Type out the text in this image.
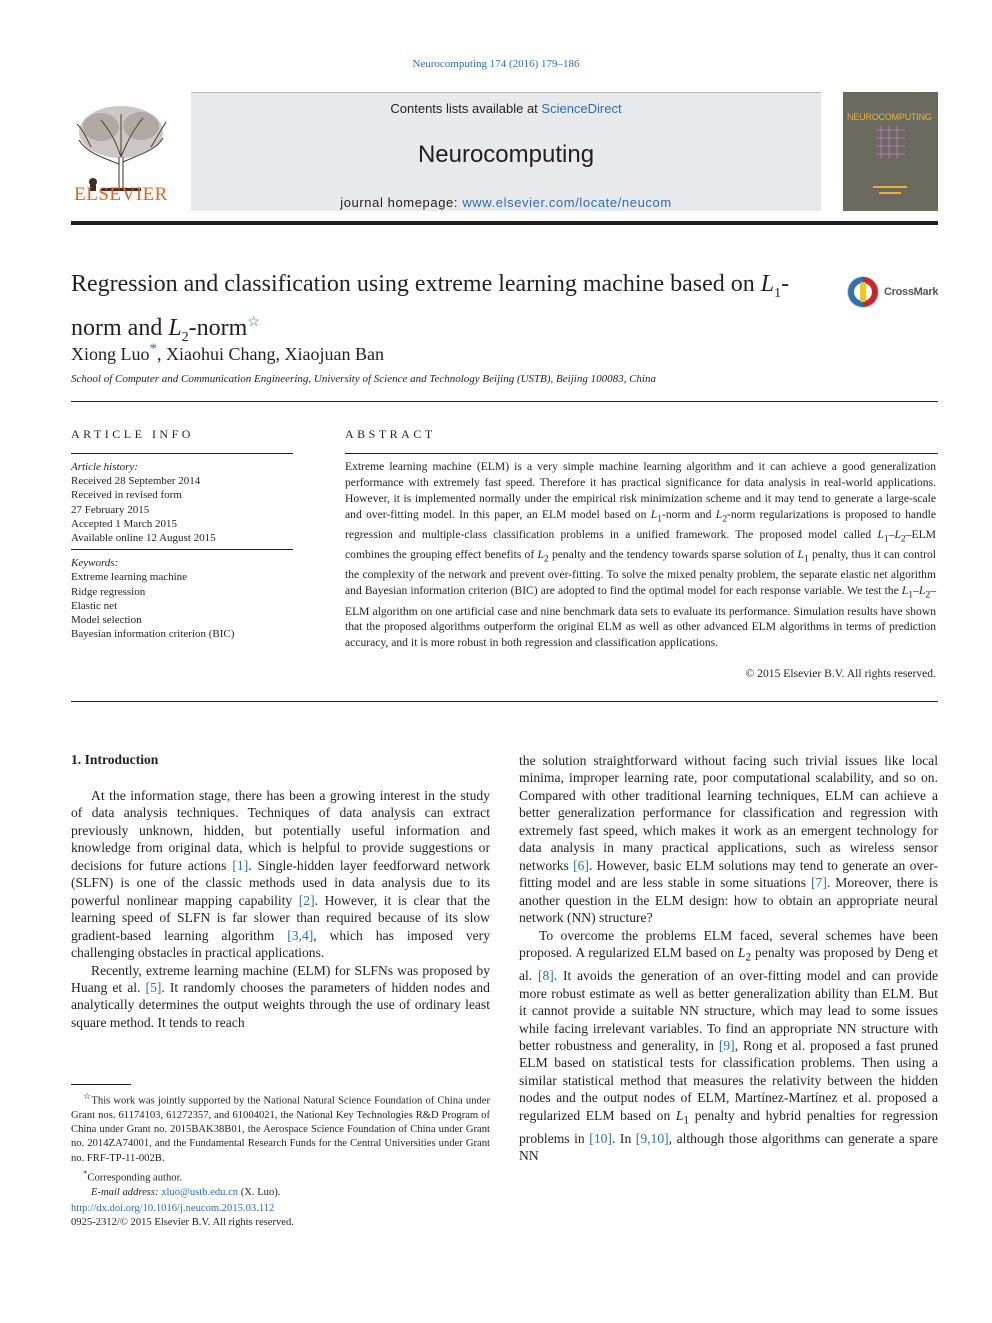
Neurocomputing 174 (2016) 179–186
ELSEVIER
Contents lists available at ScienceDirect
Neurocomputing
journal homepage: www.elsevier.com/locate/neucom
NEUROCOMPUTING
Regression and classification using extreme learning machine based on $L_1$-norm and $L_2-norm^☆$
CrossMark
Xiong Luo*, Xiaohui Chang, Xiaojuan Ban
School of Computer and Communication Engineering, University of Science and Technology Beijing (USTB), Beijing 100083, China
ARTICLE INFO
Article history:
Received 28 September 2014
Received in revised form
27 February 2015
Accepted 1 March 2015
Available online 12 August 2015
Keywords:
Extreme learning machine
Ridge regression
Elastic net
Model selection
Bayesian information criterion (BIC)
ABSTRACT
Extreme learning machine (ELM) is a very simple machine learning algorithm and it can achieve a good generalization performance with extremely fast speed. Therefore it has practical significance for data analysis in real-world applications. However, it is implemented normally under the empirical risk minimization scheme and it may tend to generate a large-scale and over-fitting model. In this paper, an ELM model based on $L_1$-norm and $L_2$-norm regularizations is proposed to handle regression and multiple-class classification problems in a unified framework. The proposed model called $L_1-L_2$–ELM combines the grouping effect benefits of $L_2$ penalty and the tendency towards sparse solution of $L_1$ penalty, thus it can control the complexity of the network and prevent over-fitting. To solve the mixed penalty problem, the separate elastic net algorithm and Bayesian information criterion (BIC) are adopted to find the optimal model for each response variable. We test the $L_1-L_2$–ELM algorithm on one artificial case and nine benchmark data sets to evaluate its performance. Simulation results have shown that the proposed algorithms outperform the original ELM as well as other advanced ELM algorithms in terms of prediction accuracy, and it is more robust in both regression and classification applications.
© 2015 Elsevier B.V. All rights reserved.
1. Introduction

At the information stage, there has been a growing interest in the study of data analysis techniques. Techniques of data analysis can extract previously unknown, hidden, but potentially useful information and knowledge from original data, which is helpful to provide suggestions or decisions for future actions [1]. Single-hidden layer feedforward network (SLFN) is one of the classic methods used in data analysis due to its powerful nonlinear mapping capability [2]. However, it is clear that the learning speed of SLFN is far slower than required because of its slow gradient-based learning algorithm [3,4], which has imposed very challenging obstacles in practical applications.

Recently, extreme learning machine (ELM) for SLFNs was proposed by Huang et al. [5]. It randomly chooses the parameters of hidden nodes and analytically determines the output weights through the use of ordinary least square method. It tends to reach

the solution straightforward without facing such trivial issues like local minima, improper learning rate, poor computational scalability, and so on. Compared with other traditional learning techniques, ELM can achieve a better generalization performance for classification and regression with extremely fast speed, which makes it work as an emergent technology for data analysis in many practical applications, such as wireless sensor networks [6]. However, basic ELM solutions may tend to generate an over-fitting model and are less stable in some situations [7]. Moreover, there is another question in the ELM design: how to obtain an appropriate neural network (NN) structure?

To overcome the problems ELM faced, several schemes have been proposed. A regularized ELM based on $L_2$ penalty was proposed by Deng et al. [8]. It avoids the generation of an over-fitting model and can provide more robust estimate as well as better generalization ability than ELM. But it cannot provide a suitable NN structure, which may lead to some issues while facing irrelevant variables. To find an appropriate NN structure with better robustness and generality, in [9], Rong et al. proposed a fast pruned ELM based on statistical tests for classification problems. Then using a similar statistical method that measures the relativity between the hidden nodes and the output nodes of ELM, Martínez-Martínez et al. proposed a regularized ELM based on $L_1$ penalty and hybrid penalties for regression problems in [10]. In [9,10], although those algorithms can generate a spare NN

☆This work was jointly supported by the National Natural Science Foundation of China under Grant nos. 61174103, 61272357, and 61004021, the National Key Technologies R&D Program of China under Grant no. 2015BAK38B01, the Aerospace Science Foundation of China under Grant no. 2014ZA74001, and the Fundamental Research Funds for the Central Universities under Grant no. FRF-TP-11-002B.
*Corresponding author.
E-mail address: xluo@ustb.edu.cn (X. Luo).
http://dx.doi.org/10.1016/j.neucom.2015.03.112
0925-2312/© 2015 Elsevier B.V. All rights reserved.
